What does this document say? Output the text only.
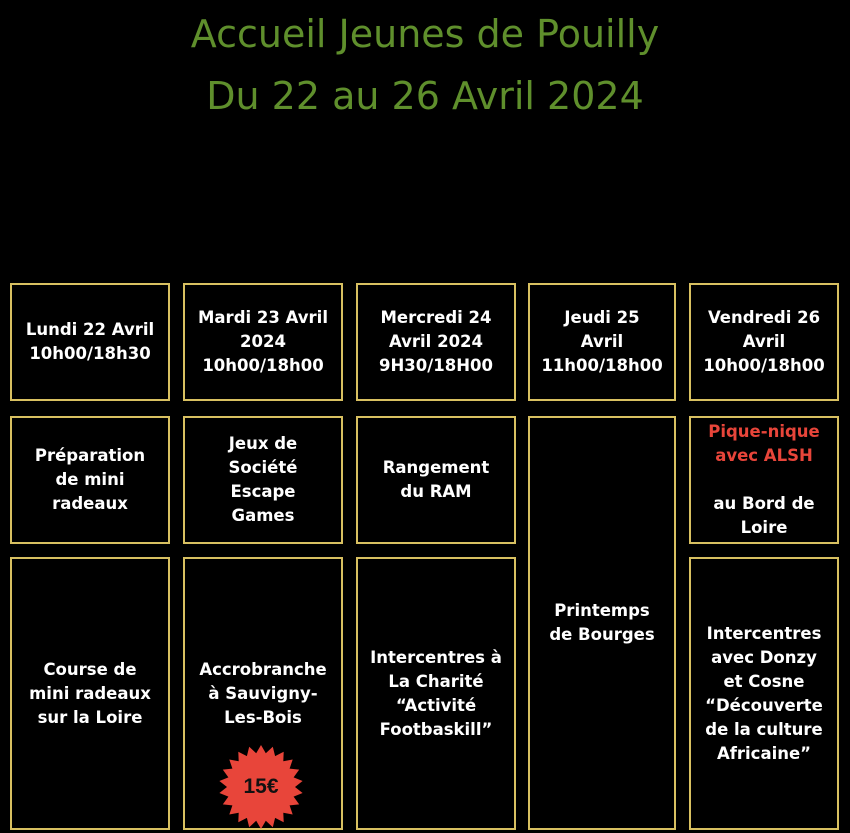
Accueil Jeunes de Pouilly
Du 22 au 26 Avril 2024
Lundi 22 Avril
10h00/18h30
Mardi 23 Avril
2024
10h00/18h00
Mercredi 24
Avril 2024
9H30/18H00
Jeudi 25
Avril
11h00/18h00
Vendredi 26
Avril
10h00/18h00
Préparation
de mini
radeaux
Jeux de
Société
Escape
Games
Rangement
du RAM
Printemps
de Bourges

Pique-nique
avec ALSH

au Bord de
Loire

Course de
mini radeaux
sur la Loire
Accrobranche
à Sauvigny-
Les-Bois
Intercentres à
La Charité
“Activité
Footbaskill”
Intercentres
avec Donzy
et Cosne
“Découverte
de la culture
Africaine”
15€
